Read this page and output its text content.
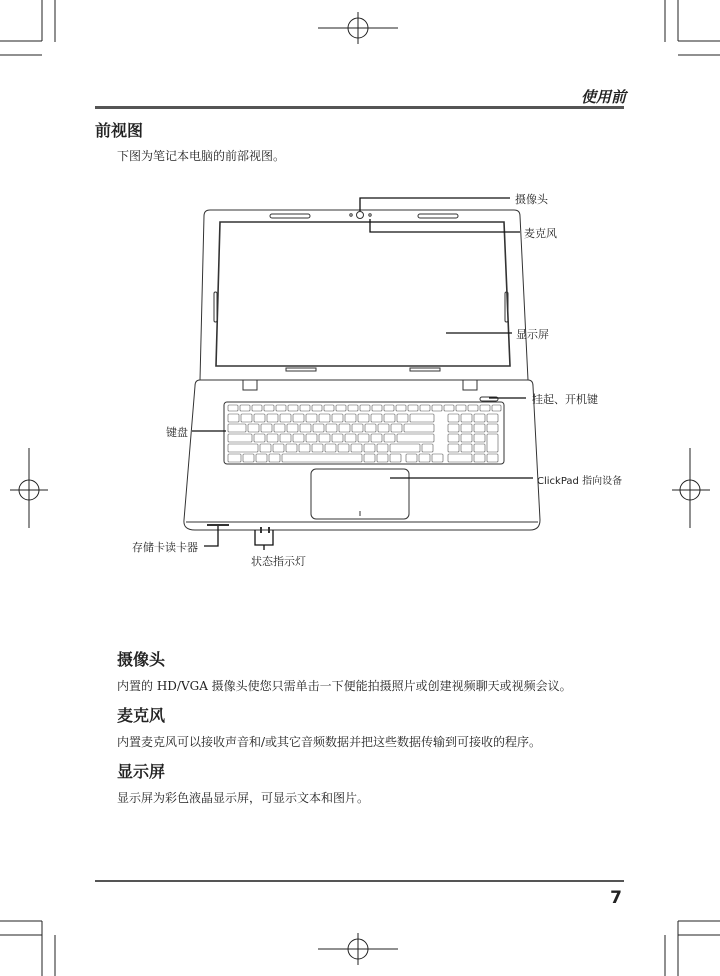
使用前
前视图
下图为笔记本电脑的前部视图。
摄像头
麦克风
显示屏
挂起、开机键
键盘
ClickPad 指向设备
存储卡读卡器
状态指示灯
摄像头
内置的 HD/VGA 摄像头使您只需单击一下便能拍摄照片或创建视频聊天或视频会议。
麦克风
内置麦克风可以接收声音和/或其它音频数据并把这些数据传输到可接收的程序。
显示屏
显示屏为彩色液晶显示屏，可显示文本和图片。
7
